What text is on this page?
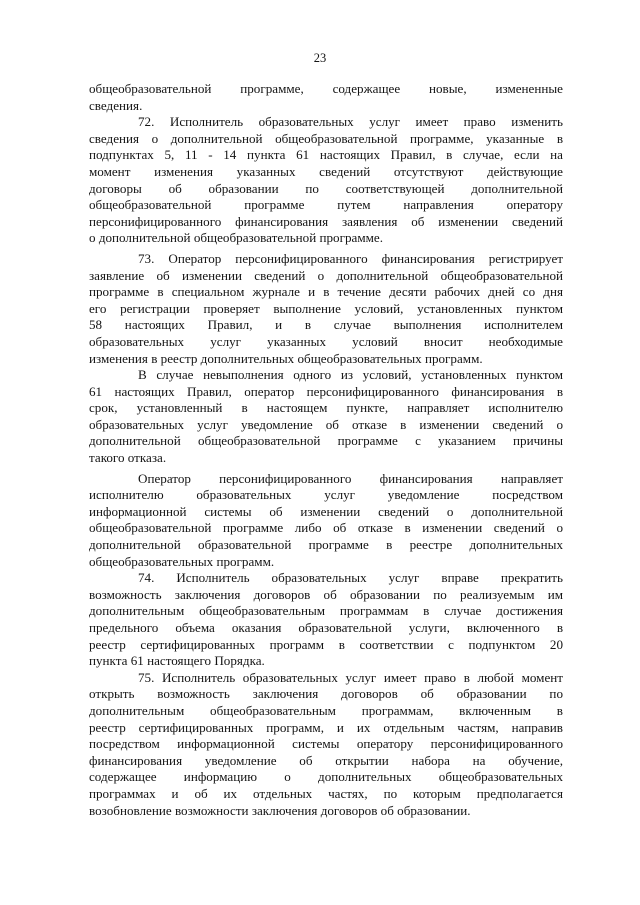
23
общеобразовательной программе, содержащее новые, измененные
сведения.
72. Исполнитель образовательных услуг имеет право изменить
сведения о дополнительной общеобразовательной программе, указанные в
подпунктах 5, 11 - 14 пункта 61 настоящих Правил, в случае, если на
момент изменения указанных сведений отсутствуют действующие
договоры об образовании по соответствующей дополнительной
общеобразовательной программе путем направления оператору
персонифицированного финансирования заявления об изменении сведений
о дополнительной общеобразовательной программе.
73. Оператор персонифицированного финансирования регистрирует
заявление об изменении сведений о дополнительной общеобразовательной
программе в специальном журнале и в течение десяти рабочих дней со дня
его регистрации проверяет выполнение условий, установленных пунктом
58 настоящих Правил, и в случае выполнения исполнителем
образовательных услуг указанных условий вносит необходимые
изменения в реестр дополнительных общеобразовательных программ.
В случае невыполнения одного из условий, установленных пунктом
61 настоящих Правил, оператор персонифицированного финансирования в
срок, установленный в настоящем пункте, направляет исполнителю
образовательных услуг уведомление об отказе в изменении сведений о
дополнительной общеобразовательной программе с указанием причины
такого отказа.
Оператор персонифицированного финансирования направляет
исполнителю образовательных услуг уведомление посредством
информационной системы об изменении сведений о дополнительной
общеобразовательной программе либо об отказе в изменении сведений о
дополнительной образовательной программе в реестре дополнительных
общеобразовательных программ.
74. Исполнитель образовательных услуг вправе прекратить
возможность заключения договоров об образовании по реализуемым им
дополнительным общеобразовательным программам в случае достижения
предельного объема оказания образовательной услуги, включенного в
реестр сертифицированных программ в соответствии с подпунктом 20
пункта 61 настоящего Порядка.
75. Исполнитель образовательных услуг имеет право в любой момент
открыть возможность заключения договоров об образовании по
дополнительным общеобразовательным программам, включенным в
реестр сертифицированных программ, и их отдельным частям, направив
посредством информационной системы оператору персонифицированного
финансирования уведомление об открытии набора на обучение,
содержащее информацию о дополнительных общеобразовательных
программах и об их отдельных частях, по которым предполагается
возобновление возможности заключения договоров об образовании.
